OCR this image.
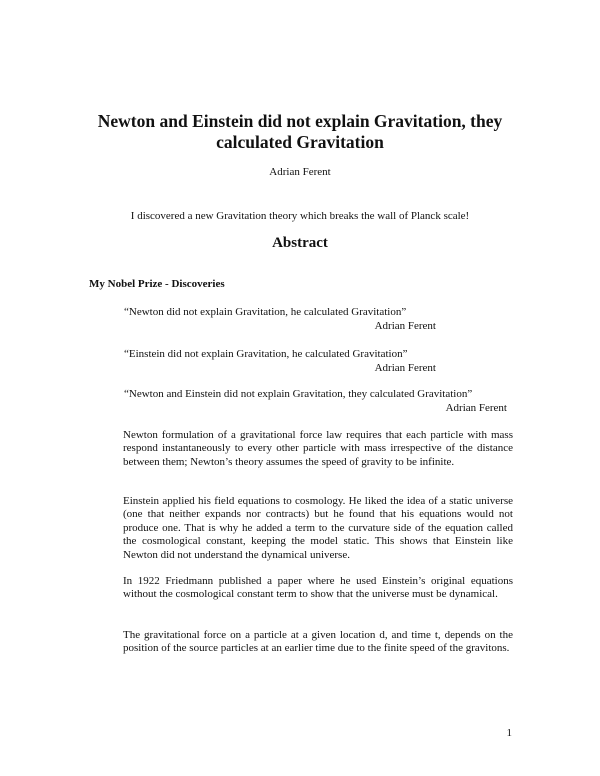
Newton and Einstein did not explain Gravitation, they calculated Gravitation

Adrian Ferent

I discovered a new Gravitation theory which breaks the wall of Planck scale!

Abstract
My Nobel Prize - Discoveries
“Newton did not explain Gravitation, he calculated Gravitation”
Adrian Ferent
“Einstein did not explain Gravitation, he calculated Gravitation”
Adrian Ferent
“Newton and Einstein did not explain Gravitation, they calculated Gravitation”
Adrian Ferent

Newton formulation of a gravitational force law requires that each particle with mass respond instantaneously to every other particle with mass irrespective of the distance between them; Newton’s theory assumes the speed of gravity to be infinite.

Einstein applied his field equations to cosmology. He liked the idea of a static universe (one that neither expands nor contracts) but he found that his equations would not produce one. That is why he added a term to the curvature side of the equation called the cosmological constant, keeping the model static. This shows that Einstein like Newton did not understand the dynamical universe.

In 1922 Friedmann published a paper where he used Einstein’s original equations without the cosmological constant term to show that the universe must be dynamical.

The gravitational force on a particle at a given location d, and time t, depends on the position of the source particles at an earlier time due to the finite speed of the gravitons.

1
